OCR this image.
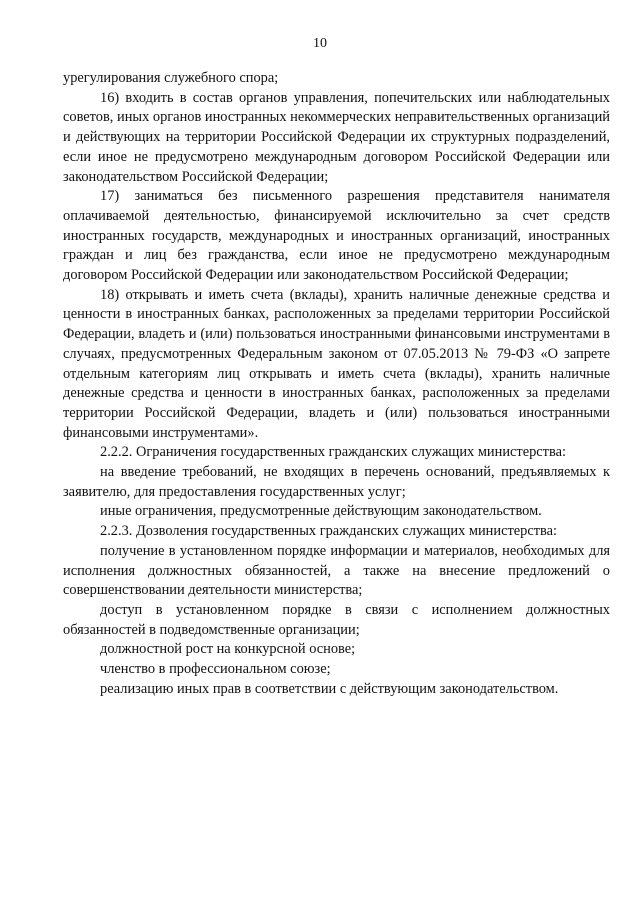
10

урегулирования служебного спора;

16) входить в состав органов управления, попечительских или наблюдательных советов, иных органов иностранных некоммерческих неправительственных организаций и действующих на территории Российской Федерации их структурных подразделений, если иное не предусмотрено международным договором Российской Федерации или законодательством Российской Федерации;

17) заниматься без письменного разрешения представителя нанимателя оплачиваемой деятельностью, финансируемой исключительно за счет средств иностранных государств, международных и иностранных организаций, иностранных граждан и лиц без гражданства, если иное не предусмотрено международным договором Российской Федерации или законодательством Российской Федерации;

18) открывать и иметь счета (вклады), хранить наличные денежные средства и ценности в иностранных банках, расположенных за пределами территории Российской Федерации, владеть и (или) пользоваться иностранными финансовыми инструментами в случаях, предусмотренных Федеральным законом от 07.05.2013 № 79-ФЗ «О запрете отдельным категориям лиц открывать и иметь счета (вклады), хранить наличные денежные средства и ценности в иностранных банках, расположенных за пределами территории Российской Федерации, владеть и (или) пользоваться иностранными финансовыми инструментами».

2.2.2. Ограничения государственных гражданских служащих министерства:

на введение требований, не входящих в перечень оснований, предъявляемых к заявителю, для предоставления государственных услуг;

иные ограничения, предусмотренные действующим законодательством.

2.2.3. Дозволения государственных гражданских служащих министерства:

получение в установленном порядке информации и материалов, необходимых для исполнения должностных обязанностей, а также на внесение предложений о совершенствовании деятельности министерства;

доступ в установленном порядке в связи с исполнением должностных обязанностей в подведомственные организации;

должностной рост на конкурсной основе;

членство в профессиональном союзе;

реализацию иных прав в соответствии с действующим законодательством.
